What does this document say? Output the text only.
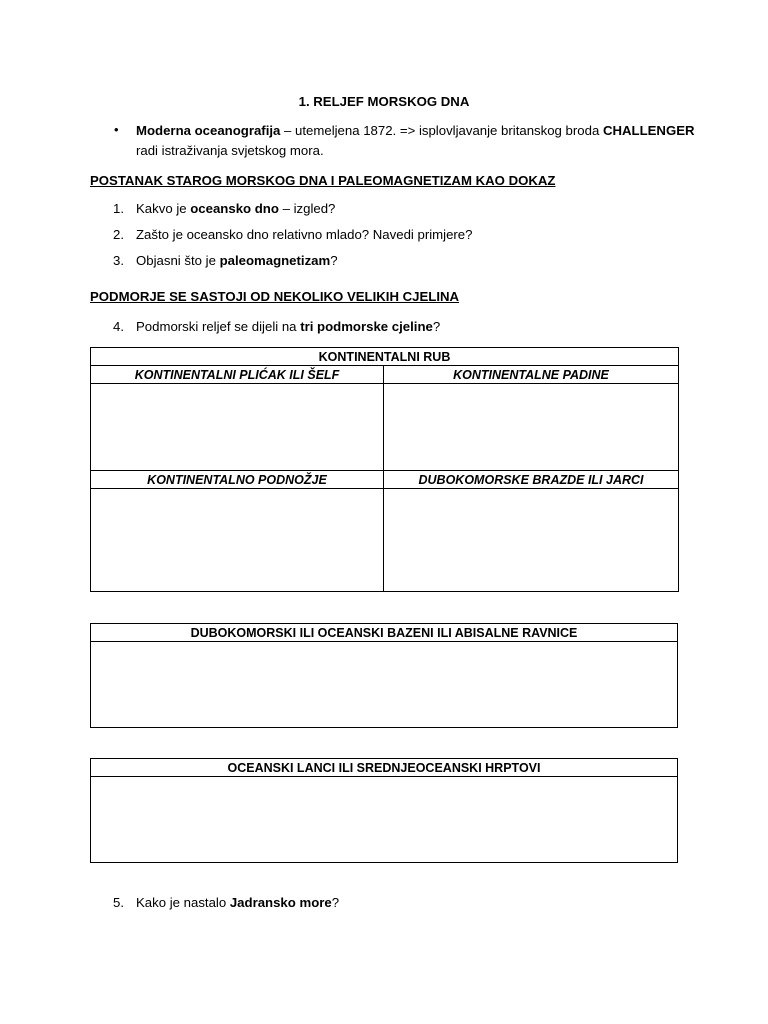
1. RELJEF MORSKOG DNA
• Moderna oceanografija – utemeljena 1872. => isplovljavanje britanskog broda CHALLENGER
radi istraživanja svjetskog mora.
POSTANAK STAROG MORSKOG DNA I PALEOMAGNETIZAM KAO DOKAZ
1. Kakvo je oceansko dno – izgled?
2. Zašto je oceansko dno relativno mlado? Navedi primjere?
3. Objasni što je paleomagnetizam?
PODMORJE SE SASTOJI OD NEKOLIKO VELIKIH CJELINA
4. Podmorski reljef se dijeli na tri podmorske cjeline?
KONTINENTALNI RUB	
KONTINENTALNI PLIĆAK ILI ŠELF	KONTINENTALNE PADINE

KONTINENTALNO PODNOŽJE	DUBOKOMORSKE BRAZDE ILI JARCI

DUBOKOMORSKI ILI OCEANSKI BAZENI ILI ABISALNE RAVNICE

OCEANSKI LANCI ILI SREDNJEOCEANSKI HRPTOVI

5. Kako je nastalo Jadransko more?
